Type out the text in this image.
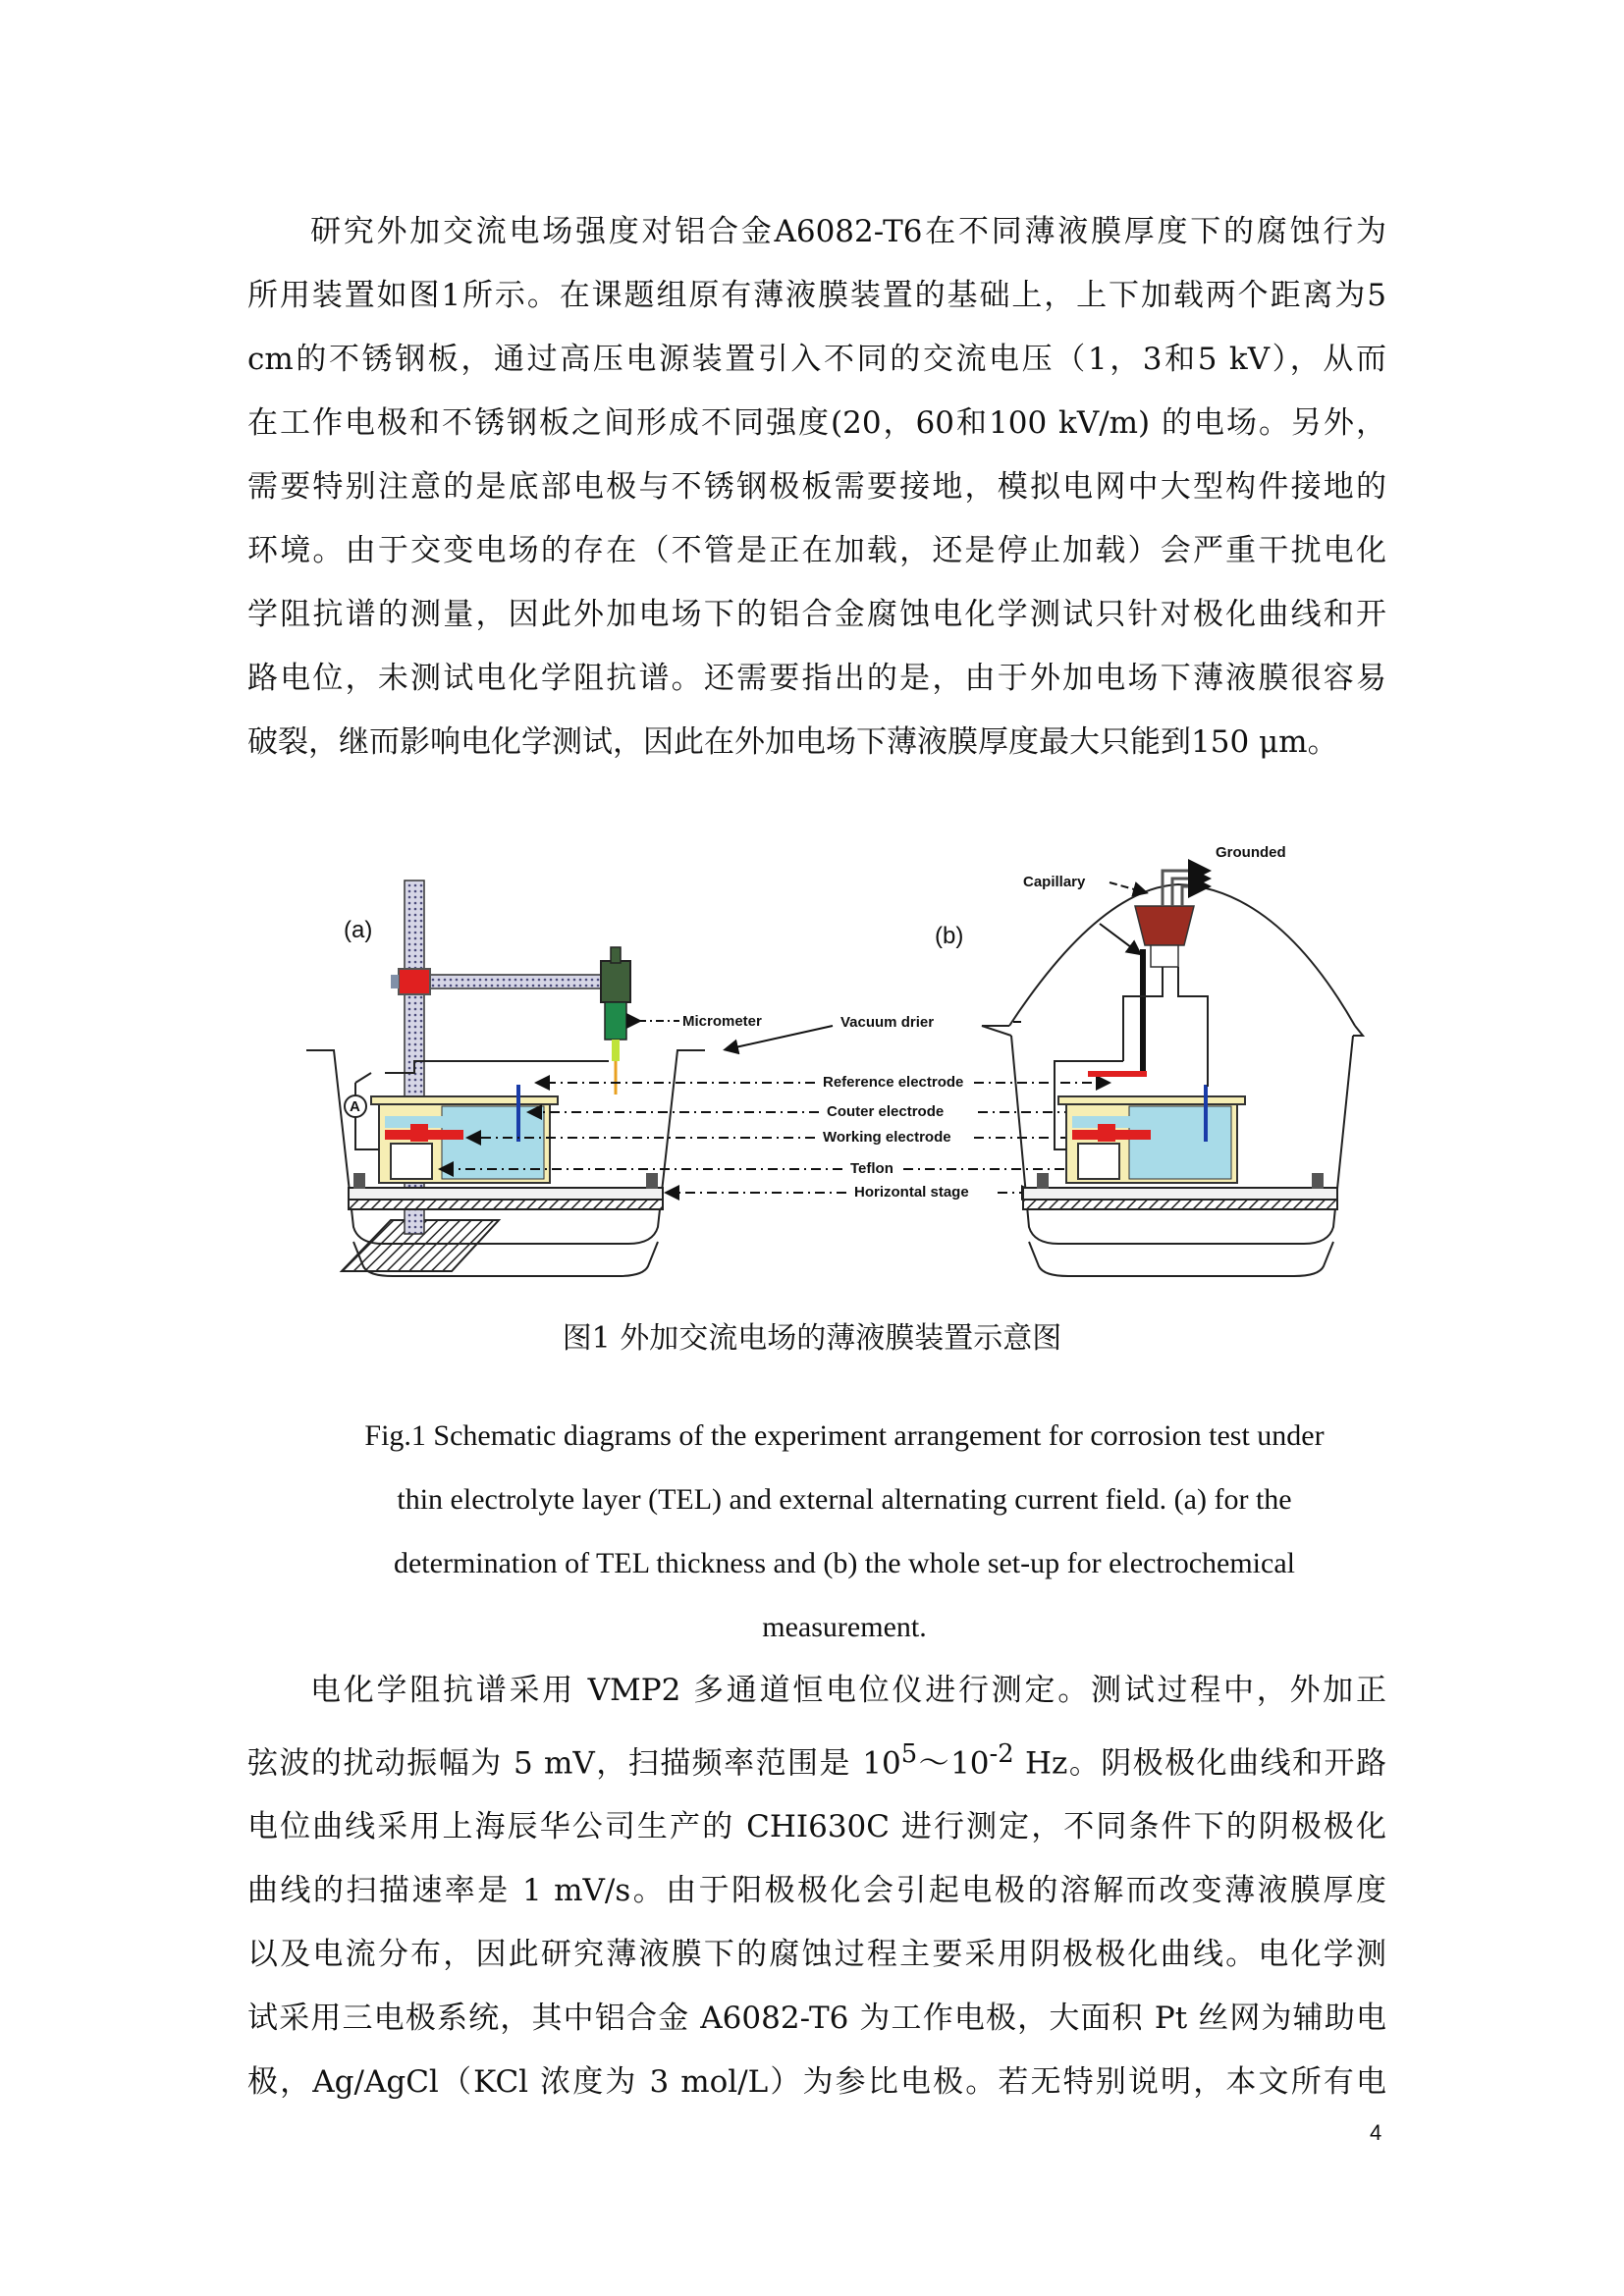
研究外加交流电场强度对铝合金A6082-T6在不同薄液膜厚度下的腐蚀行为
所用装置如图1所示。在课题组原有薄液膜装置的基础上，上下加载两个距离为5
cm的不锈钢板，通过高压电源装置引入不同的交流电压（1，3和5 kV），从而
在工作电极和不锈钢板之间形成不同强度(20，60和100 kV/m) 的电场。另外，
需要特别注意的是底部电极与不锈钢极板需要接地，模拟电网中大型构件接地的
环境。由于交变电场的存在（不管是正在加载，还是停止加载）会严重干扰电化
学阻抗谱的测量，因此外加电场下的铝合金腐蚀电化学测试只针对极化曲线和开
路电位，未测试电化学阻抗谱。还需要指出的是，由于外加电场下薄液膜很容易
破裂，继而影响电化学测试，因此在外加电场下薄液膜厚度最大只能到150 μm。
(a)	(b)
Micrometer
A
Vacuum drier
Reference electrode
Couter electrode
Working electrode
Teflon
Horizontal stage
Grounded
Capillary

图1 外加交流电场的薄液膜装置示意图

Fig.1 Schematic diagrams of the experiment arrangement for corrosion test under
thin electrolyte layer (TEL) and external alternating current field. (a) for the
determination of TEL thickness and (b) the whole set-up for electrochemical
measurement.
电化学阻抗谱采用 VMP2 多通道恒电位仪进行测定。测试过程中，外加正
弦波的扰动振幅为 5 mV，扫描频率范围是 $10^5\sim 10^{-2}$ Hz。阴极极化曲线和开路
电位曲线采用上海辰华公司生产的 CHI630C 进行测定，不同条件下的阴极极化
曲线的扫描速率是 1 mV/s。由于阳极极化会引起电极的溶解而改变薄液膜厚度
以及电流分布，因此研究薄液膜下的腐蚀过程主要采用阴极极化曲线。电化学测
试采用三电极系统，其中铝合金 A6082-T6 为工作电极，大面积 Pt 丝网为辅助电
极，Ag/AgCl（KCl 浓度为 3 mol/L）为参比电极。若无特别说明，本文所有电
4
